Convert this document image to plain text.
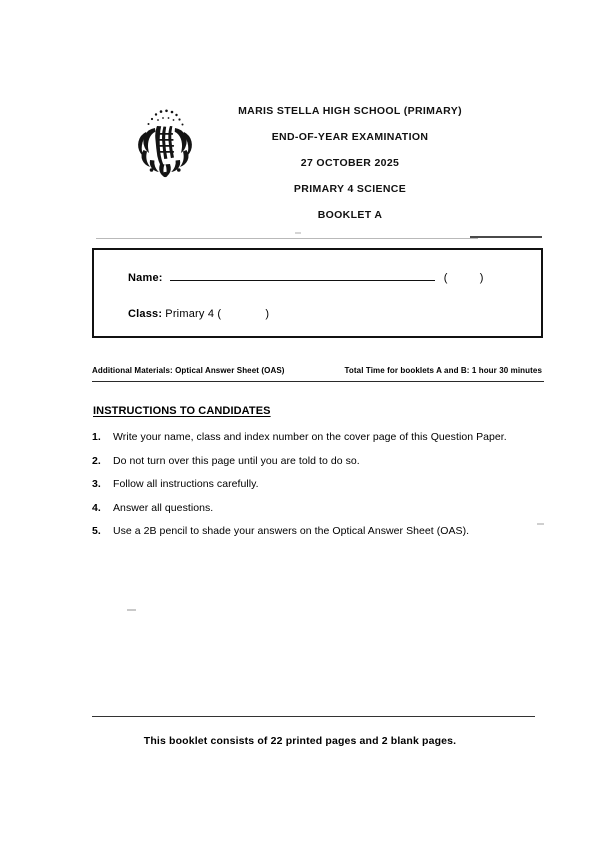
MARIS STELLA HIGH SCHOOL (PRIMARY)
END-OF-YEAR EXAMINATION
27 OCTOBER 2025
PRIMARY 4 SCIENCE
BOOKLET A
Name:	(	)
Class: Primary 4 (	)
Additional Materials: Optical Answer Sheet (OAS)	Total Time for booklets A and B: 1 hour 30 minutes
INSTRUCTIONS TO CANDIDATES
1. Write your name, class and index number on the cover page of this Question Paper.
2. Do not turn over this page until you are told to do so.
3. Follow all instructions carefully.
4. Answer all questions.
5. Use a 2B pencil to shade your answers on the Optical Answer Sheet (OAS).
This booklet consists of 22 printed pages and 2 blank pages.
